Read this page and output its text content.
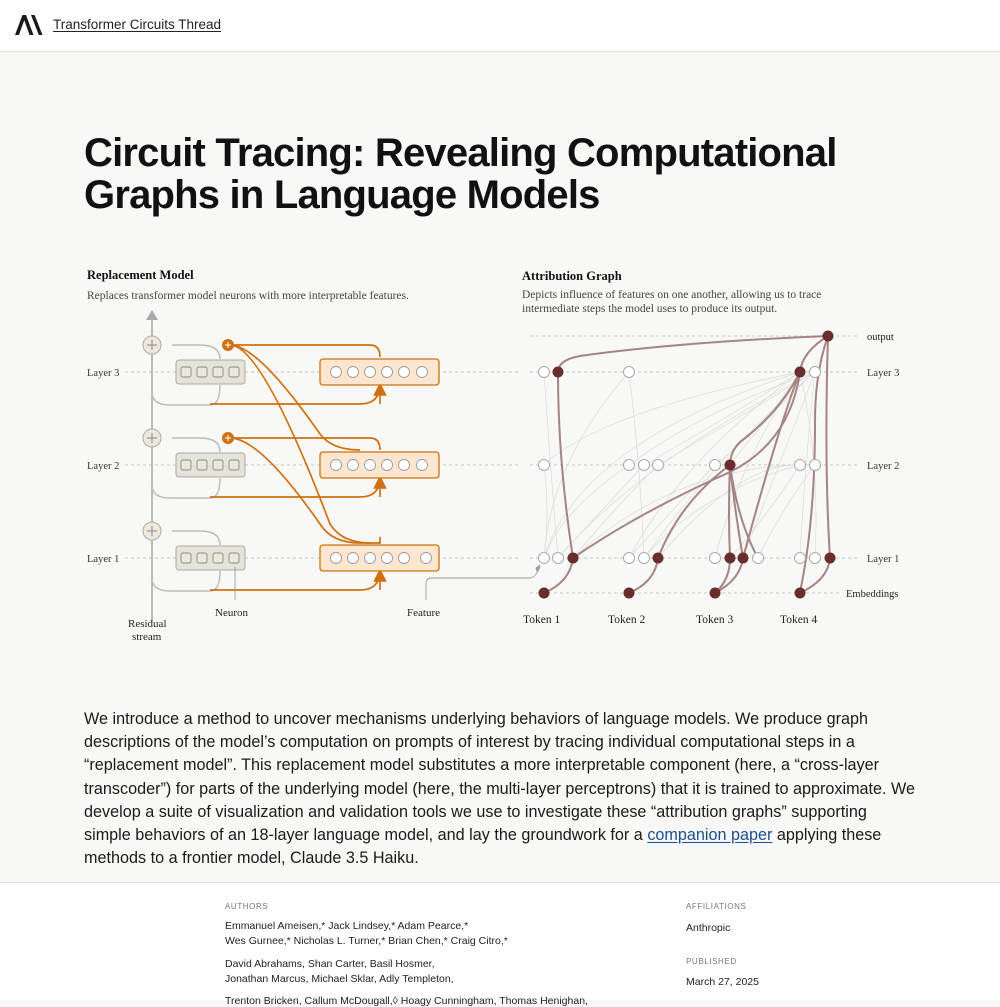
Transformer Circuits Thread
Circuit Tracing: Revealing Computational
Graphs in Language Models
Replacement Model
Replaces transformer model neurons with more interpretable features.
Layer 3
Layer 2
Layer 1
Neuron	Feature
Residual
stream
Attribution Graph
Depicts influence of features on one another, allowing us to trace
intermediate steps the model uses to produce its output.
output
Layer 3
Layer 2
Layer 1
Embeddings
Token 1	Token 2	Token 3	Token 4

We introduce a method to uncover mechanisms underlying behaviors of language models. We produce graph descriptions of the model’s computation on prompts of interest by tracing individual computational steps in a “replacement model”. This replacement model substitutes a more interpretable component (here, a “cross-layer transcoder”) for parts of the underlying model (here, the multi-layer perceptrons) that it is trained to approximate. We develop a suite of visualization and validation tools we use to investigate these “attribution graphs” supporting simple behaviors of an 18-layer language model, and lay the groundwork for a companion paper applying these methods to a frontier model, Claude 3.5 Haiku.

AUTHORS
Emmanuel Ameisen,* Jack Lindsey,* Adam Pearce,*
Wes Gurnee,* Nicholas L. Turner,* Brian Chen,* Craig Citro,*
David Abrahams, Shan Carter, Basil Hosmer,
Jonathan Marcus, Michael Sklar, Adly Templeton,
Trenton Bricken, Callum McDougall,◊ Hoagy Cunningham, Thomas Henighan,
AFFILIATIONS
Anthropic
PUBLISHED
March 27, 2025
